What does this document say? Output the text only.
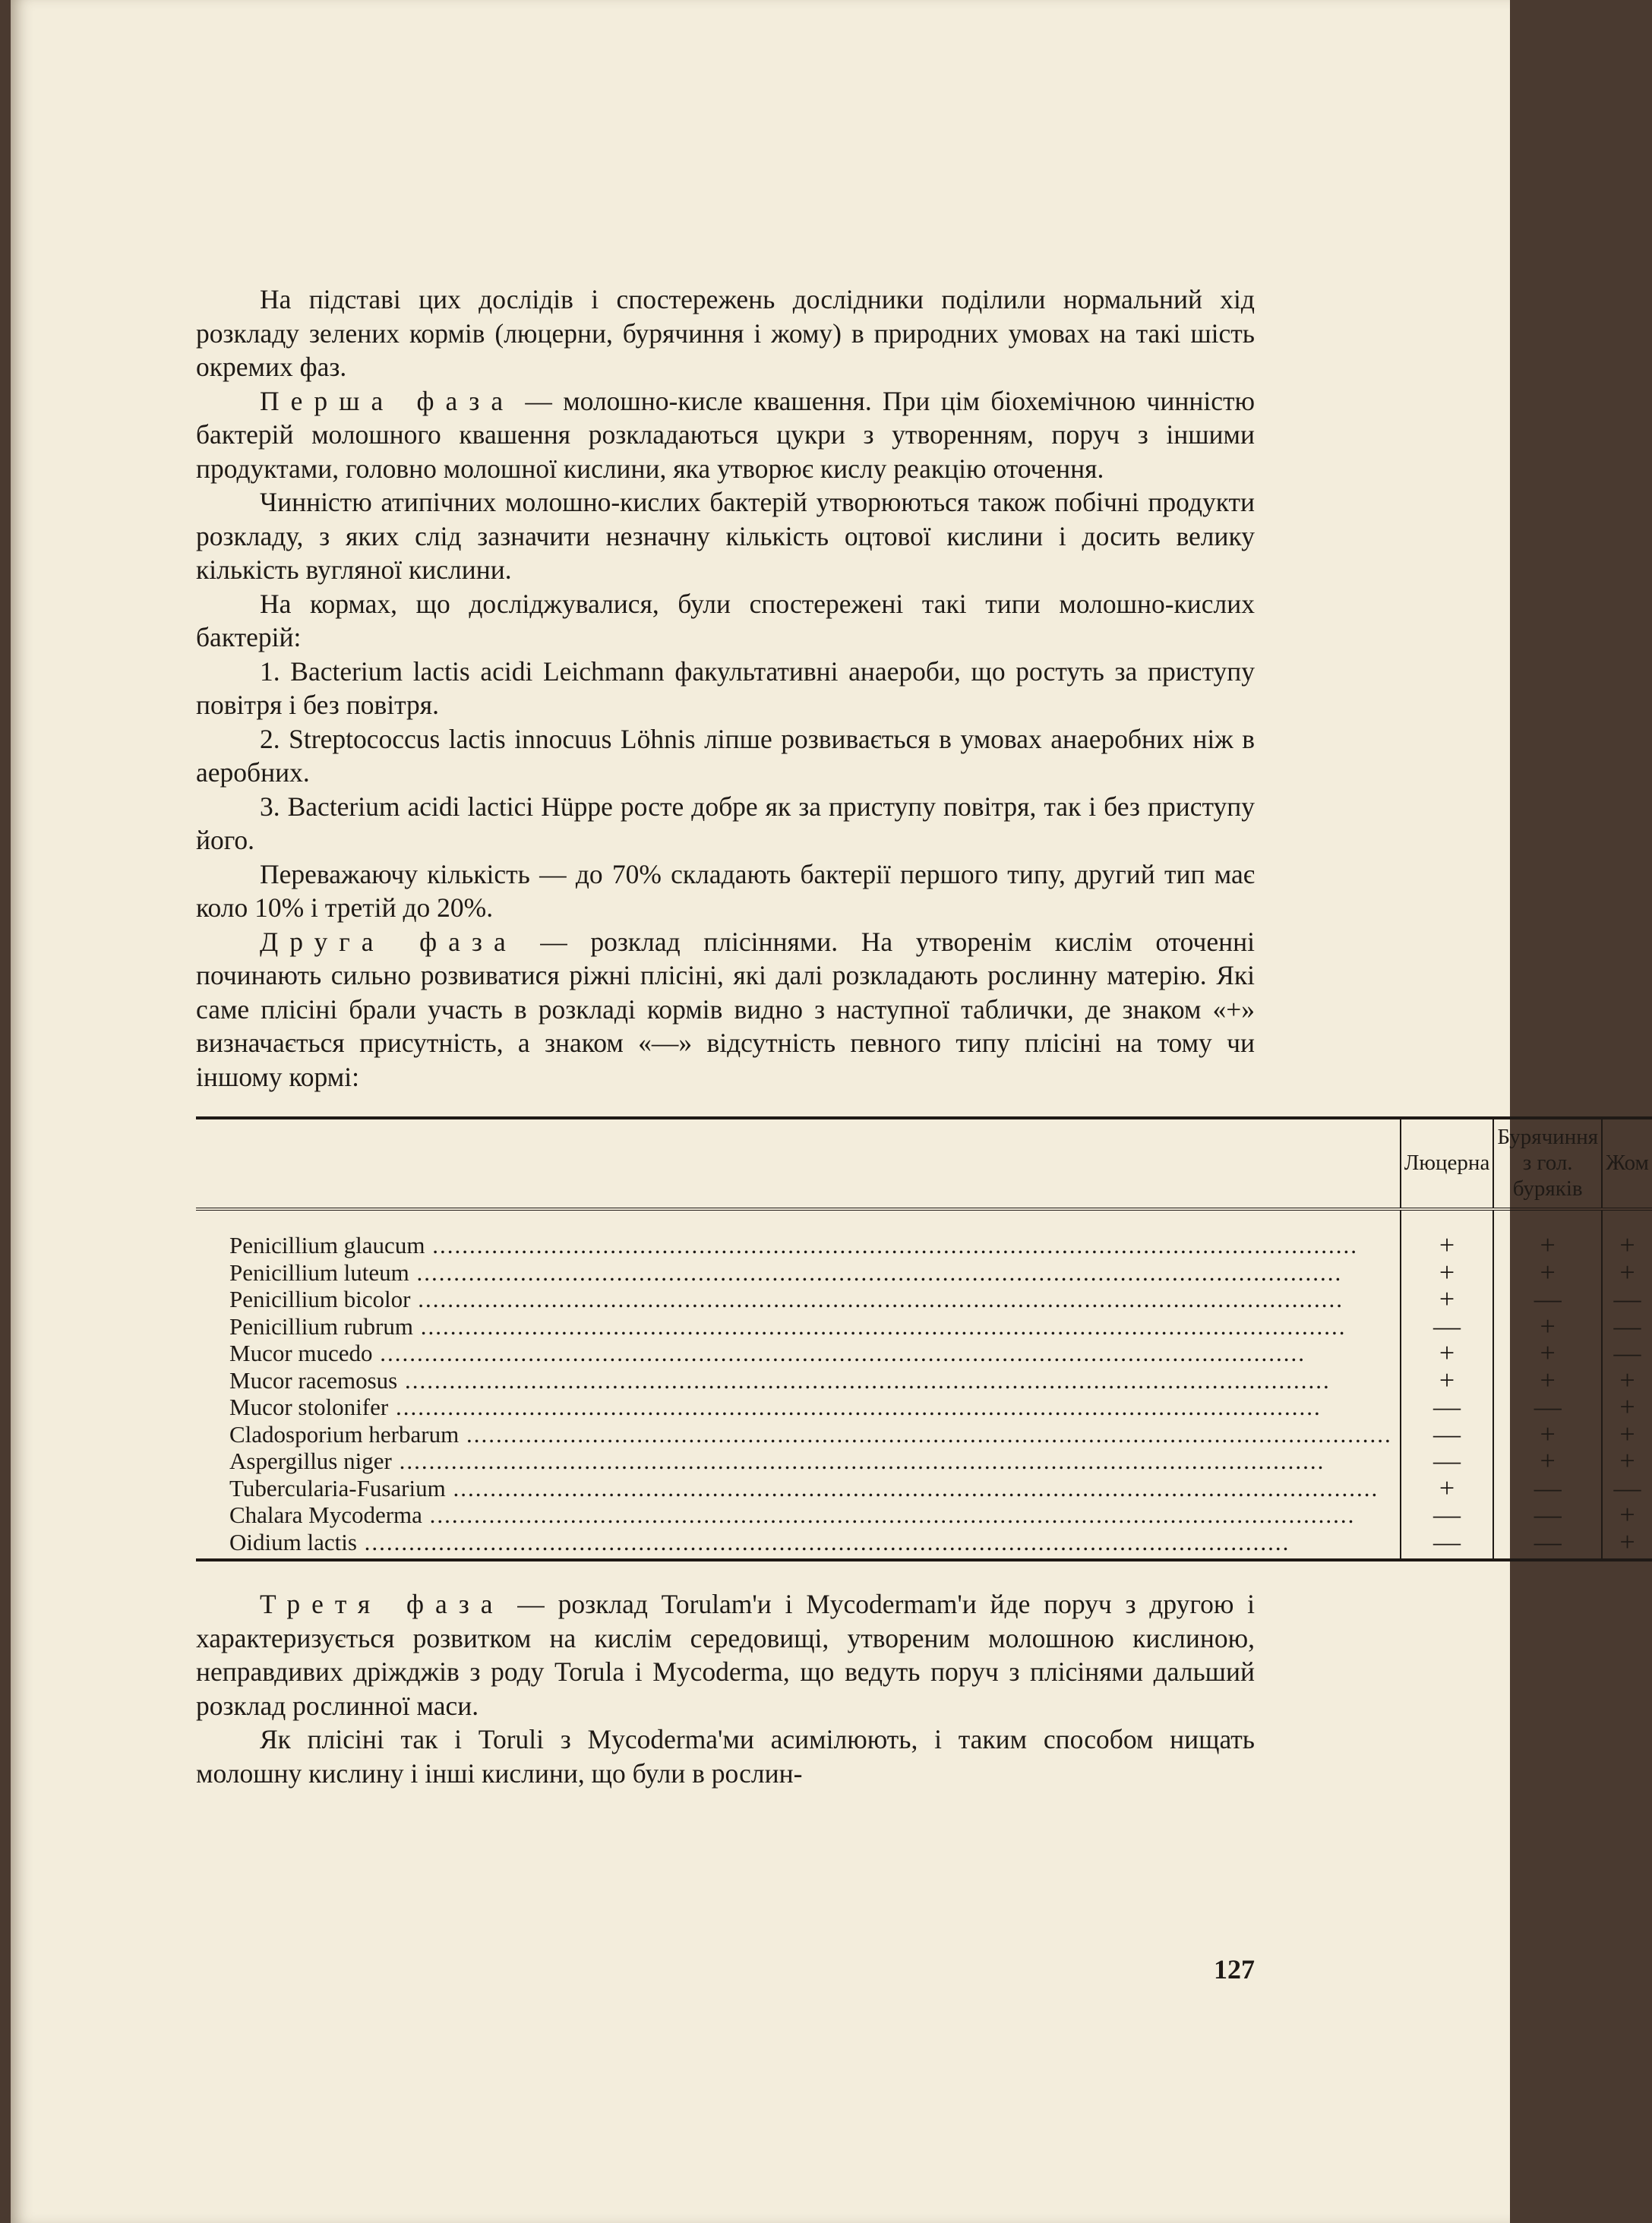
На підставі цих дослідів і спостережень дослідники поділили нормальний хід розкладу зелених кормів (люцерни, бурячиння і жому) в природних умовах на такі шість окремих фаз.

Перша фаза — молошно-кисле квашення. При цім біохемічною чинністю бактерій молошного квашення розкладаються цукри з утворенням, поруч з іншими продуктами, головно молошної кислини, яка утворює кислу реакцію оточення.

Чинністю атипічних молошно-кислих бактерій утворюються також побічні продукти розкладу, з яких слід зазначити незначну кількість оцтової кислини і досить велику кількість вугляної кислини.

На кормах, що досліджувалися, були спостережені такі типи молошно-кислих бактерій:

1. Bacterium lactis acidi Leichmann факультативні анаероби, що ростуть за приступу повітря і без повітря.

2. Streptococcus lactis innocuus Löhnis ліпше розвивається в умовах анаеробних ніж в аеробних.

3. Bacterium acidi lactici Hüppe росте добре як за приступу повітря, так і без приступу його.

Переважаючу кількість — до 70% складають бактерії першого типу, другий тип має коло 10% і третій до 20%.

Друга фаза — розклад плісіннями. На утворенім кислім оточенні починають сильно розвиватися ріжні плісіні, які далі розкладають рослинну матерію. Які саме плісіні брали участь в розкладі кормів видно з наступної таблички, де знаком «+» визначається присутність, а знаком «—» відсутність певного типу плісіні на тому чи іншому кормі:

	Люцерна	Бурячиння з гол. буряків	Жом
Penicillium glaucum .....	+	+	+
Penicillium luteum .....	+	+	+
Penicillium bicolor .....	+	—	—
Penicillium rubrum .....	—	+	—
Mucor mucedo .....	+	+	—
Mucor racemosus .....	+	+	+
Mucor stolonifer .....	—	—	+
Cladosporium herbarum .....	—	+	+
Aspergillus niger .....	—	+	+
Tubercularia-Fusarium .....	+	—	—
Chalara Mycoderma .....	—	—	+
Oidium lactis .....	—	—	+

Третя фаза — розклад Torulam'и і Mycodermam'и йде поруч з другою і характеризується розвитком на кислім середовищі, утвореним молошною кислиною, неправдивих дріжджів з роду Torula і Mycoderma, що ведуть поруч з плісінями дальший розклад рослинної маси.

Як плісіні так і Toruli з Mycoderma'ми асимілюють, і таким способом нищать молошну кислину і інші кислини, що були в рослин-

127
